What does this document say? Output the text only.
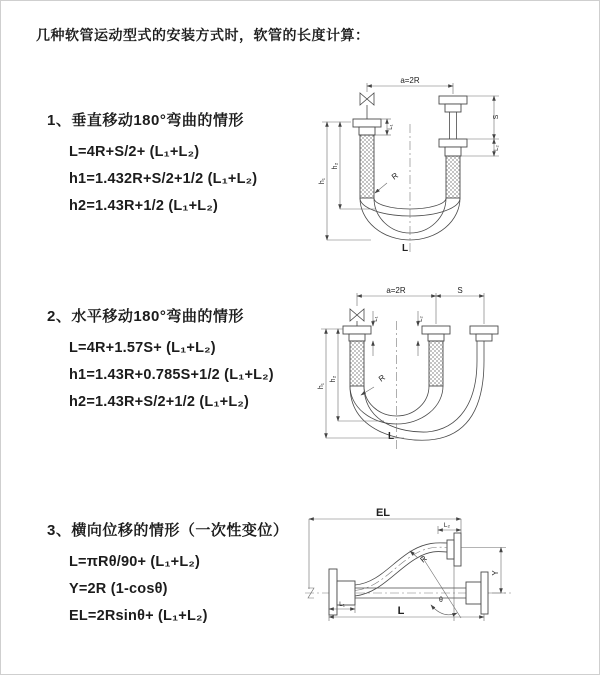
几种软管运动型式的安装方式时，软管的长度计算：
1、垂直移动180°弯曲的情形
L=4R+S/2+ (L₁+L₂)
h1=1.432R+S/2+1/2 (L₁+L₂)
h2=1.43R+1/2 (L₁+L₂)
2、水平移动180°弯曲的情形
L=4R+1.57S+ (L₁+L₂)
h1=1.43R+0.785S+1/2 (L₁+L₂)
h2=1.43R+S/2+1/2 (L₁+L₂)
3、横向位移的情形（一次性变位）
L=πRθ/90+ (L₁+L₂)
Y=2R (1-cosθ)
EL=2Rsinθ+ (L₁+L₂)
a=2R
L
R
h₁
h₂
L₁
S
L₂
a=2R	S
L
R
h₁
h₂
L₁	L₂
EL
L₂
Y
θ
R
L
L₁
